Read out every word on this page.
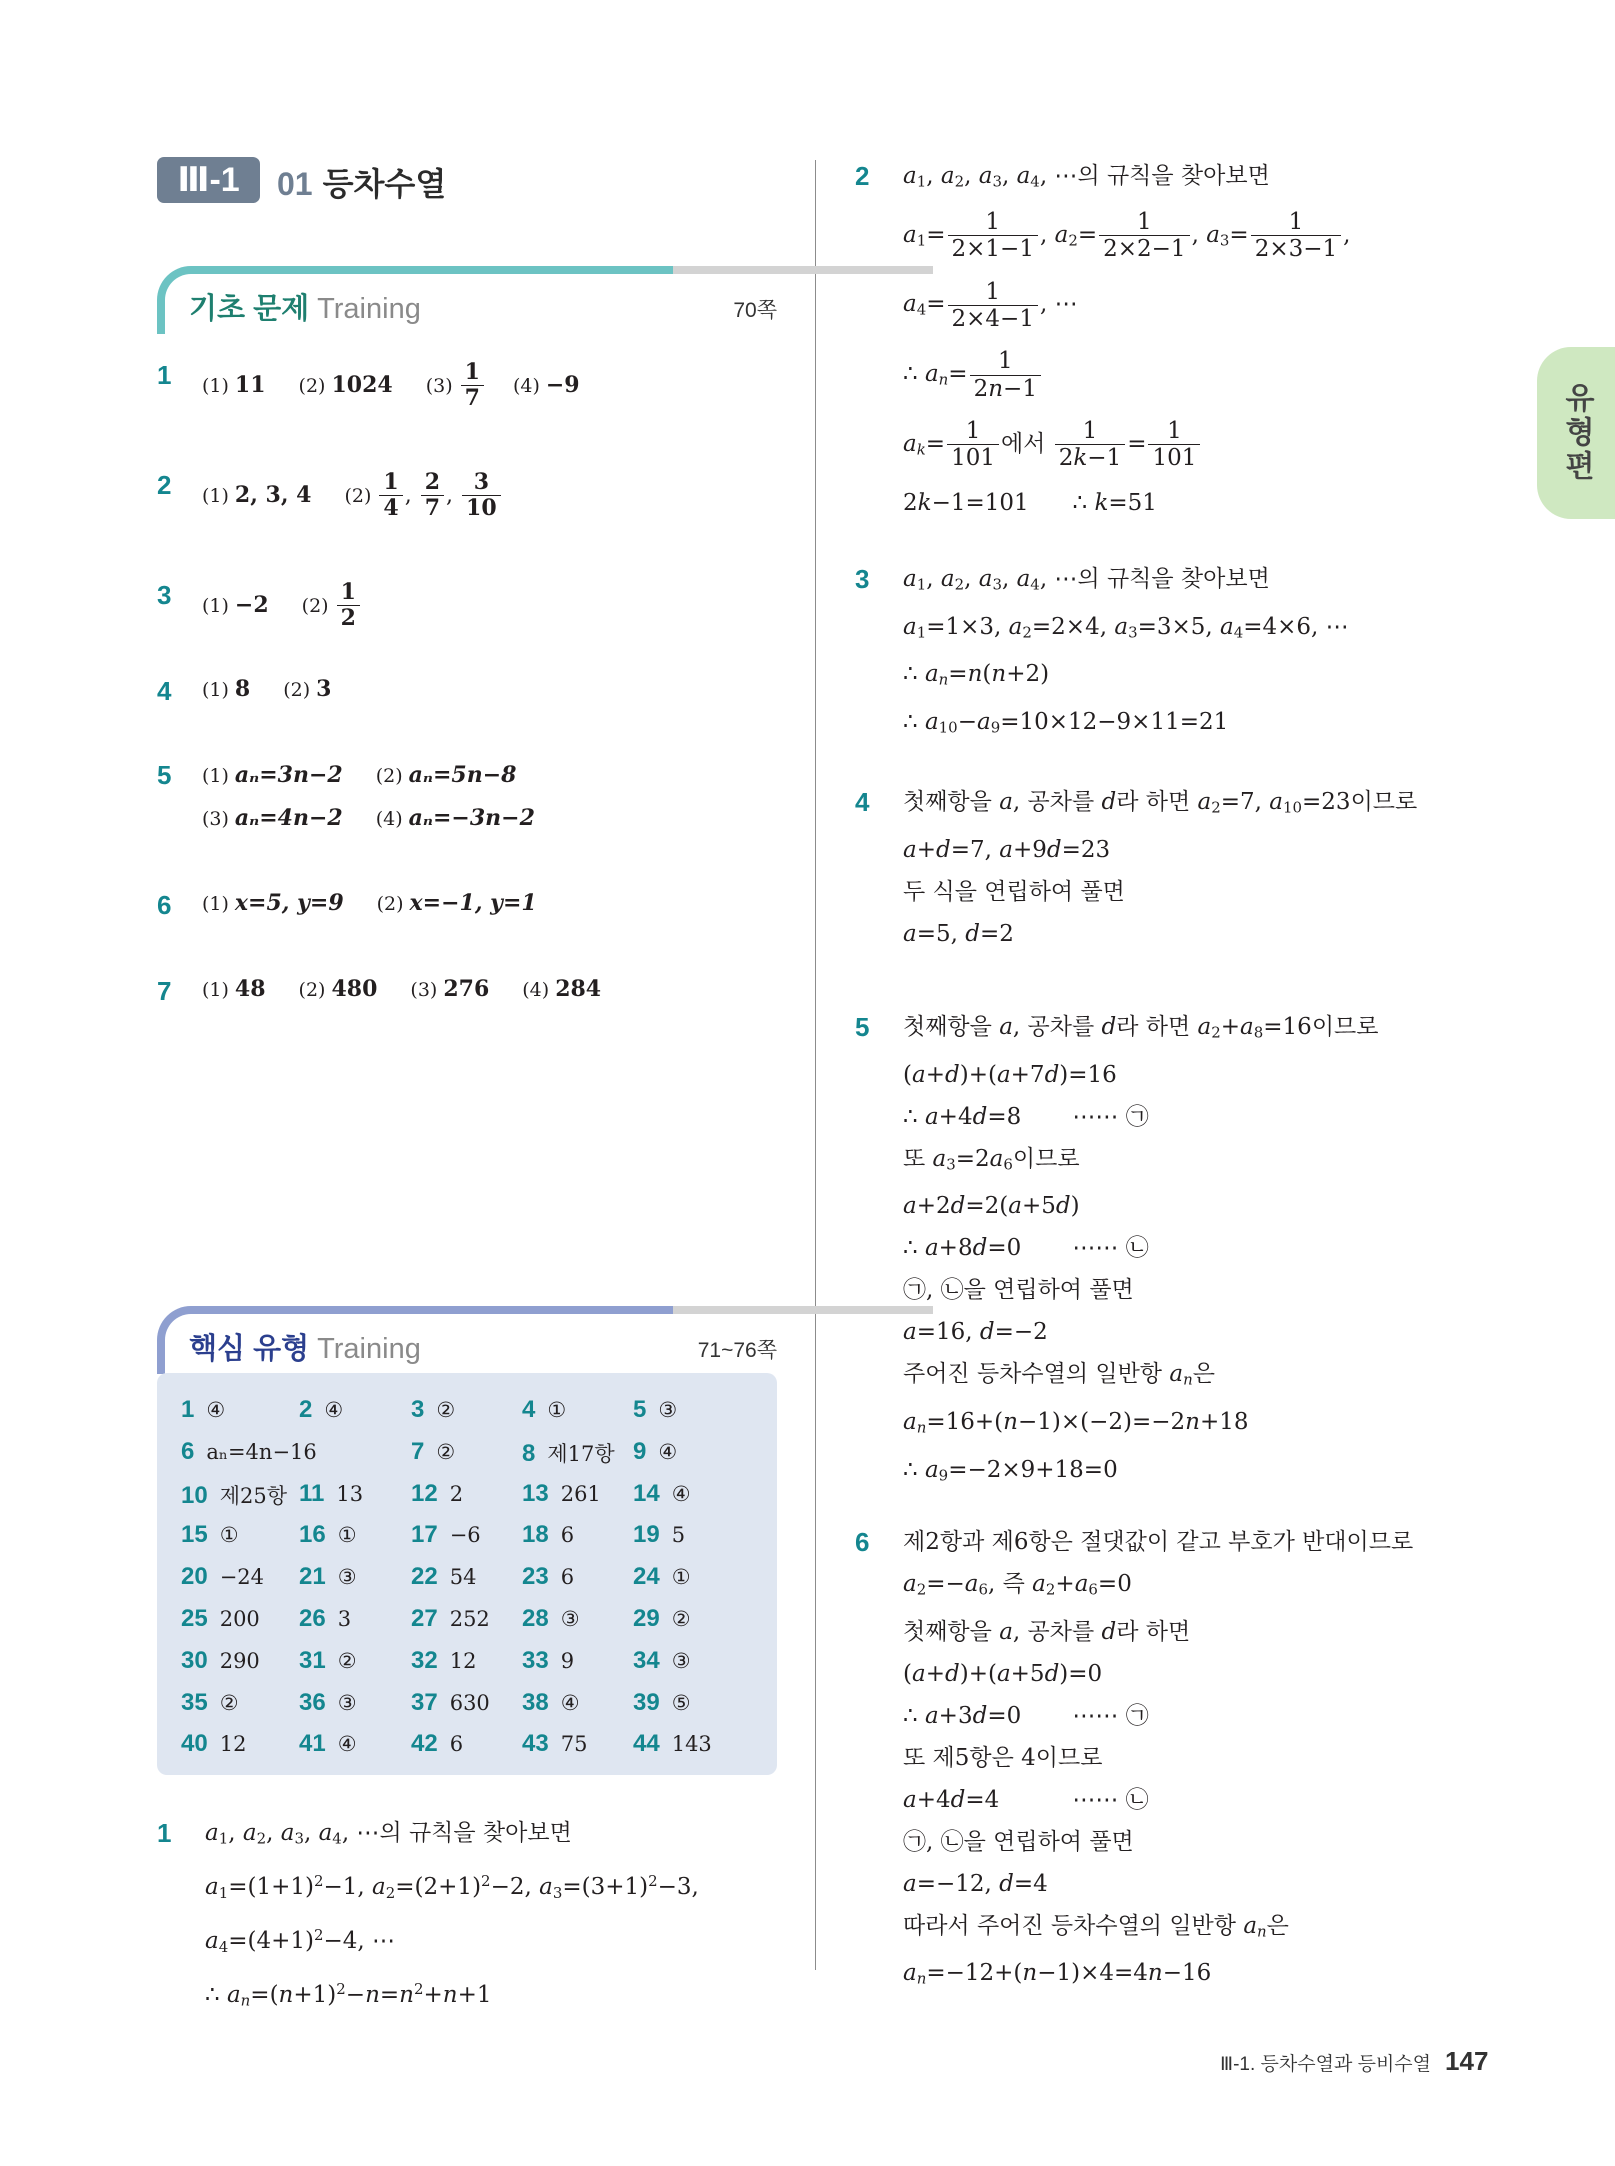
Ⅲ-1	01 등차수열
유형편
기초 문제 Training	70쪽
1 (1) 11 (2) 1024 $(3) \frac{1}{7} (4) -9$
2 (1) 2, 3, 4 $(2) \frac{1}{4}$ , $\frac{2}{7}$ , $\frac{3}{10}$
3 (1) −2 $(2) \frac{1}{2}$
4 (1) 8 (2) 3
5 (1) aₙ=3n−2 (2) aₙ=5n−8
(3) aₙ=4n−2 (4) aₙ=−3n−2
6 (1) x=5, y=9 (2) x=−1, y=1
7 (1) 48 (2) 480 (3) 276 (4) 284
핵심 유형 Training	71~76쪽
1 ④	2 ④	3 ②	4 ①	5 ③
6 aₙ=4n−16	7 ②	8 제17항 9 ④
10 제25항 11 13 12 2 13 261 14 ④
15 ①	16 ① 17 −6 18 6 19 5
20 −24 21 ③ 22 54 23 6 24 ①
25 200 26 3 27 252 28 ③ 29 ②
30 290 31 ② 32 12 33 9 34 ③
35 ②	36 ③ 37 630 38 ④ 39 ⑤
40 12 41 ④ 42 6 43 75 44 143
1 $a_1$, $a_2$, $a_3$, $a_4$, ⋯의 규칙을 찾아보면
$a_1=(1+1)^2-1$, $a_2=(2+1)^2-2$, $a_3=(3+1)^2-3$,
$a_4=(4+1)^2-4$, ⋯
∴ $a_n=(n+1)^2-n=n^2+n+1$
2 $a_1$, $a_2$, $a_3$, $a_4$, ⋯의 규칙을 찾아보면
$a_1= \frac{1}{2\times 1-1}$ , $a_2= \frac{1}{2\times 2-1}$ , $a_3= \frac{1}{2\times 3-1}$ ,
$a_4= \frac{1}{2\times 4-1}$ , ⋯
∴ $a_n= \frac{1}{2n-1}$
$a_k= \frac{1}{101}$ 에서 $\frac{1}{2k-1} = \frac{1}{101}$
2k−1=101      ∴ k=51
3 $a_1$, $a_2$, $a_3$, $a_4$, ⋯의 규칙을 찾아보면
$a_1=1\times 3$, $a_2=2\times 4$, $a_3=3\times 5$, $a_4=4\times 6$, ⋯
∴ $a_n=n(n+2)$
∴ $a_{10}-a_9=10\times 12-9\times 11=21$
4 첫째항을 a, 공차를 d라 하면 $a_2=7$, $a_{10}=23$이므로
a+d=7, a+9d=23
두 식을 연립하여 풀면
a=5, d=2
5 첫째항을 a, 공차를 d라 하면 $a_2+a_8=16$이므로
(a+d)+(a+7d)=16
∴ a+4d=8       ⋯⋯ ㉠
또 $a_3=2a_6$이므로
a+2d=2(a+5d)
∴ a+8d=0       ⋯⋯ ㉡
㉠, ㉡을 연립하여 풀면
a=16, d=−2
주어진 등차수열의 일반항 $a_n$은
$a_n=16+(n-1)\times(-2)=-2n+18$
∴ $a_9=-2\times 9+18=0$
6 제2항과 제6항은 절댓값이 같고 부호가 반대이므로
$a_2=-a_6$, 즉 $a_2+a_6=0$
첫째항을 a, 공차를 d라 하면
(a+d)+(a+5d)=0
∴ a+3d=0       ⋯⋯ ㉠
또 제5항은 4이므로
a+4d=4          ⋯⋯ ㉡
㉠, ㉡을 연립하여 풀면
a=−12, d=4
따라서 주어진 등차수열의 일반항 $a_n$은
$a_n=-12+(n-1)\times 4=4n-16$
Ⅲ-1. 등차수열과 등비수열 147
